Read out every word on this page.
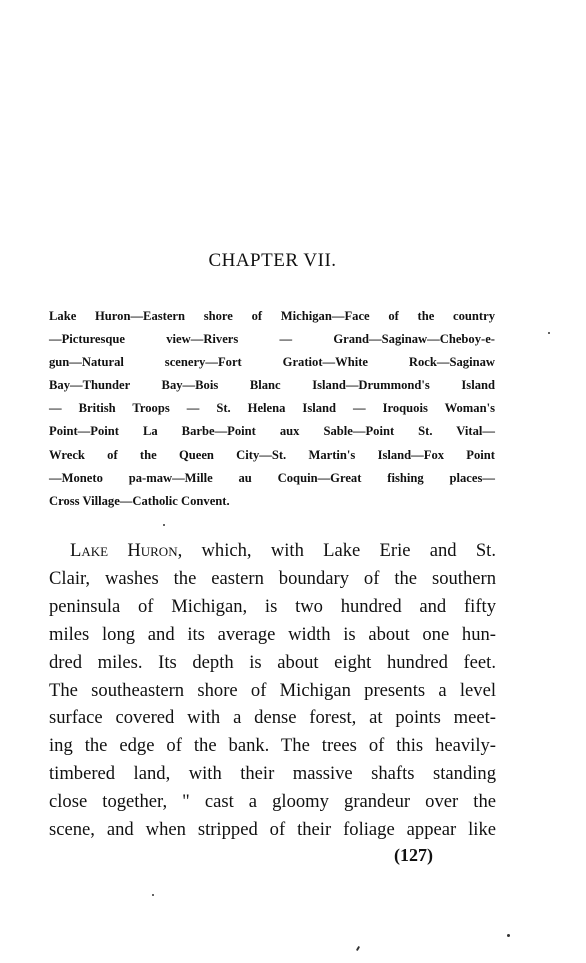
CHAPTER VII.
Lake Huron—Eastern shore of Michigan—Face of the country
—Picturesque view—Rivers — Grand—Saginaw—Cheboy-e-
gun—Natural scenery—Fort Gratiot—White Rock—Saginaw
Bay—Thunder Bay—Bois Blanc Island—Drummond's Island
— British Troops — St. Helena Island — Iroquois Woman's
Point—Point La Barbe—Point aux Sable—Point St. Vital—
Wreck of the Queen City—St. Martin's Island—Fox Point
—Moneto pa-maw—Mille au Coquin—Great fishing places—
Cross Village—Catholic Convent.
Lake Huron, which, with Lake Erie and St.
Clair, washes the eastern boundary of the southern
peninsula of Michigan, is two hundred and fifty
miles long and its average width is about one hun-
dred miles. Its depth is about eight hundred feet.
The southeastern shore of Michigan presents a level
surface covered with a dense forest, at points meet-
ing the edge of the bank. The trees of this heavily-
timbered land, with their massive shafts standing
close together, " cast a gloomy grandeur over the
scene, and when stripped of their foliage appear like
(127)
